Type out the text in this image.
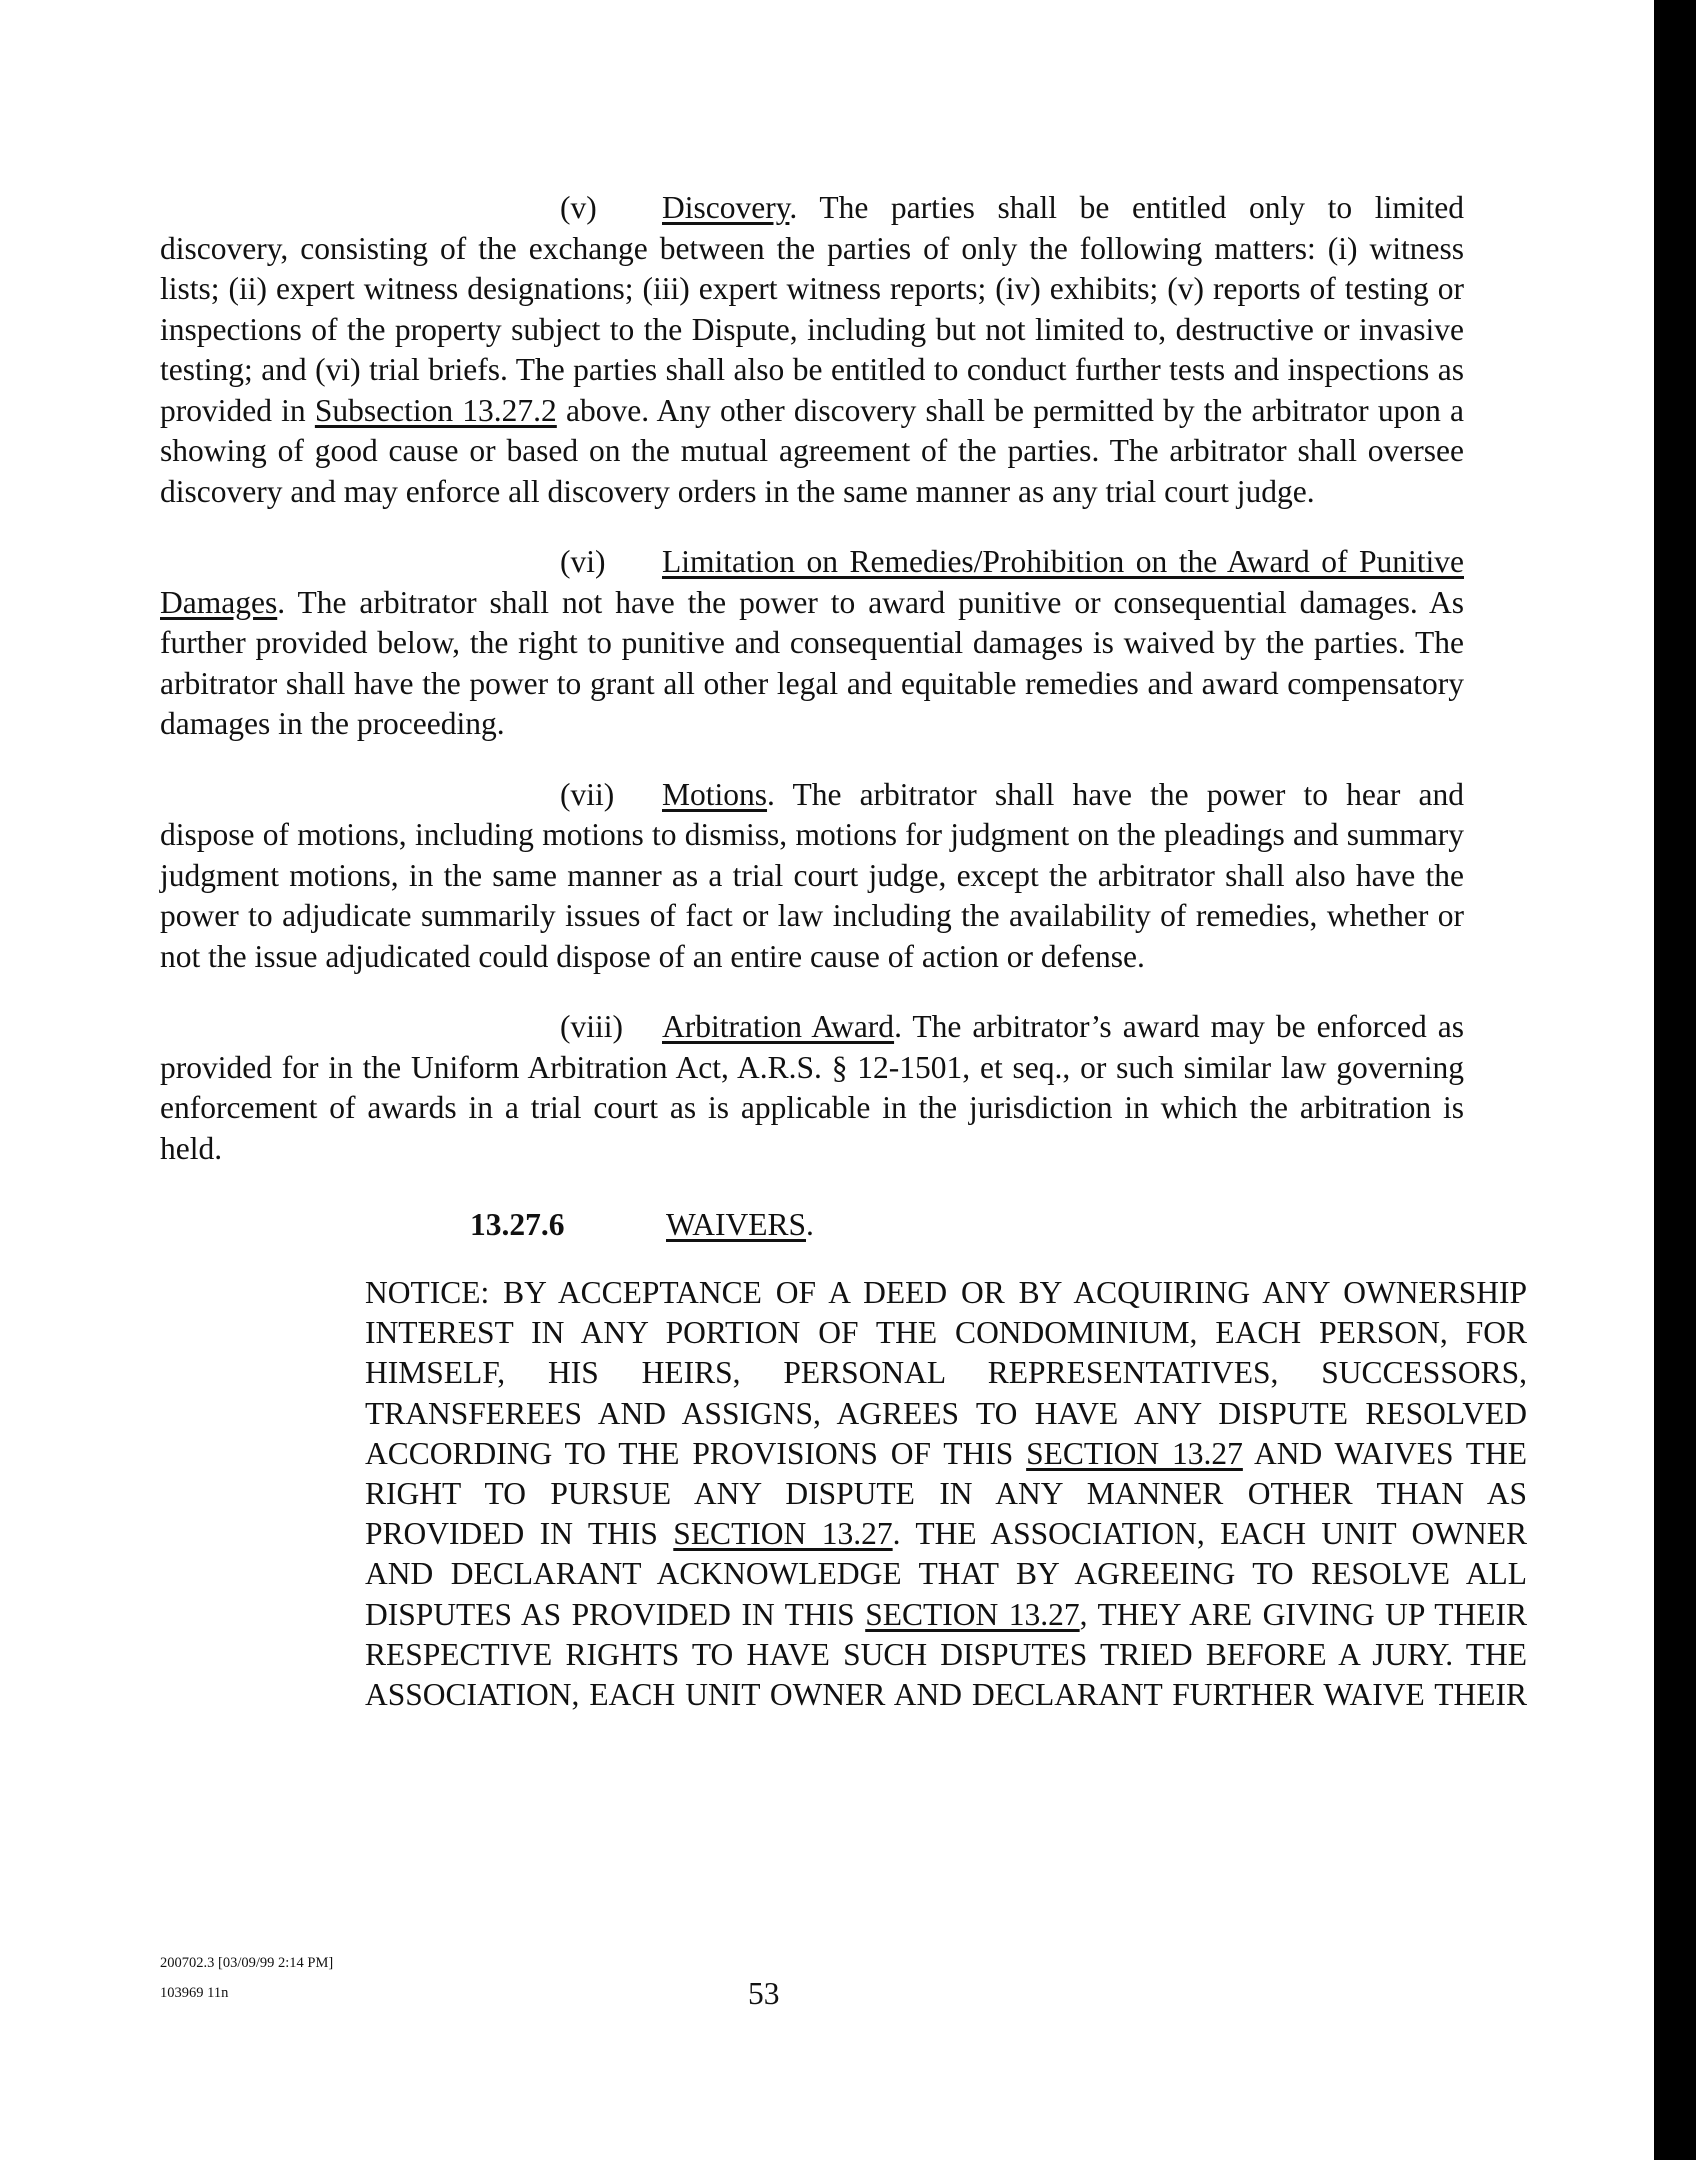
(v) Discovery. The parties shall be entitled only to limited discovery, consisting of the exchange between the parties of only the following matters: (i) witness lists; (ii) expert witness designations; (iii) expert witness reports; (iv) exhibits; (v) reports of testing or inspections of the property subject to the Dispute, including but not limited to, destructive or invasive testing; and (vi) trial briefs. The parties shall also be entitled to conduct further tests and inspections as provided in Subsection 13.27.2 above. Any other discovery shall be permitted by the arbitrator upon a showing of good cause or based on the mutual agreement of the parties. The arbitrator shall oversee discovery and may enforce all discovery orders in the same manner as any trial court judge.

(vi) Limitation on Remedies/Prohibition on the Award of Punitive Damages. The arbitrator shall not have the power to award punitive or consequential damages. As further provided below, the right to punitive and consequential damages is waived by the parties. The arbitrator shall have the power to grant all other legal and equitable remedies and award compensatory damages in the proceeding.

(vii) Motions. The arbitrator shall have the power to hear and dispose of motions, including motions to dismiss, motions for judgment on the pleadings and summary judgment motions, in the same manner as a trial court judge, except the arbitrator shall also have the power to adjudicate summarily issues of fact or law including the availability of remedies, whether or not the issue adjudicated could dispose of an entire cause of action or defense.

(viii) Arbitration Award. The arbitrator’s award may be enforced as provided for in the Uniform Arbitration Act, A.R.S. § 12-1501, et seq., or such similar law governing enforcement of awards in a trial court as is applicable in the jurisdiction in which the arbitration is held.

13.27.6	WAIVERS.

NOTICE: BY ACCEPTANCE OF A DEED OR BY ACQUIRING ANY OWNERSHIP INTEREST IN ANY PORTION OF THE CONDOMINIUM, EACH PERSON, FOR HIMSELF, HIS HEIRS, PERSONAL REPRESENTATIVES, SUCCESSORS, TRANSFEREES AND ASSIGNS, AGREES TO HAVE ANY DISPUTE RESOLVED ACCORDING TO THE PROVISIONS OF THIS SECTION 13.27 AND WAIVES THE RIGHT TO PURSUE ANY DISPUTE IN ANY MANNER OTHER THAN AS PROVIDED IN THIS SECTION 13.27. THE ASSOCIATION, EACH UNIT OWNER AND DECLARANT ACKNOWLEDGE THAT BY AGREEING TO RESOLVE ALL DISPUTES AS PROVIDED IN THIS SECTION 13.27, THEY ARE GIVING UP THEIR RESPECTIVE RIGHTS TO HAVE SUCH DISPUTES TRIED BEFORE A JURY. THE ASSOCIATION, EACH UNIT OWNER AND DECLARANT FURTHER WAIVE THEIR

200702.3 [03/09/99 2:14 PM]
103969 11n	53
